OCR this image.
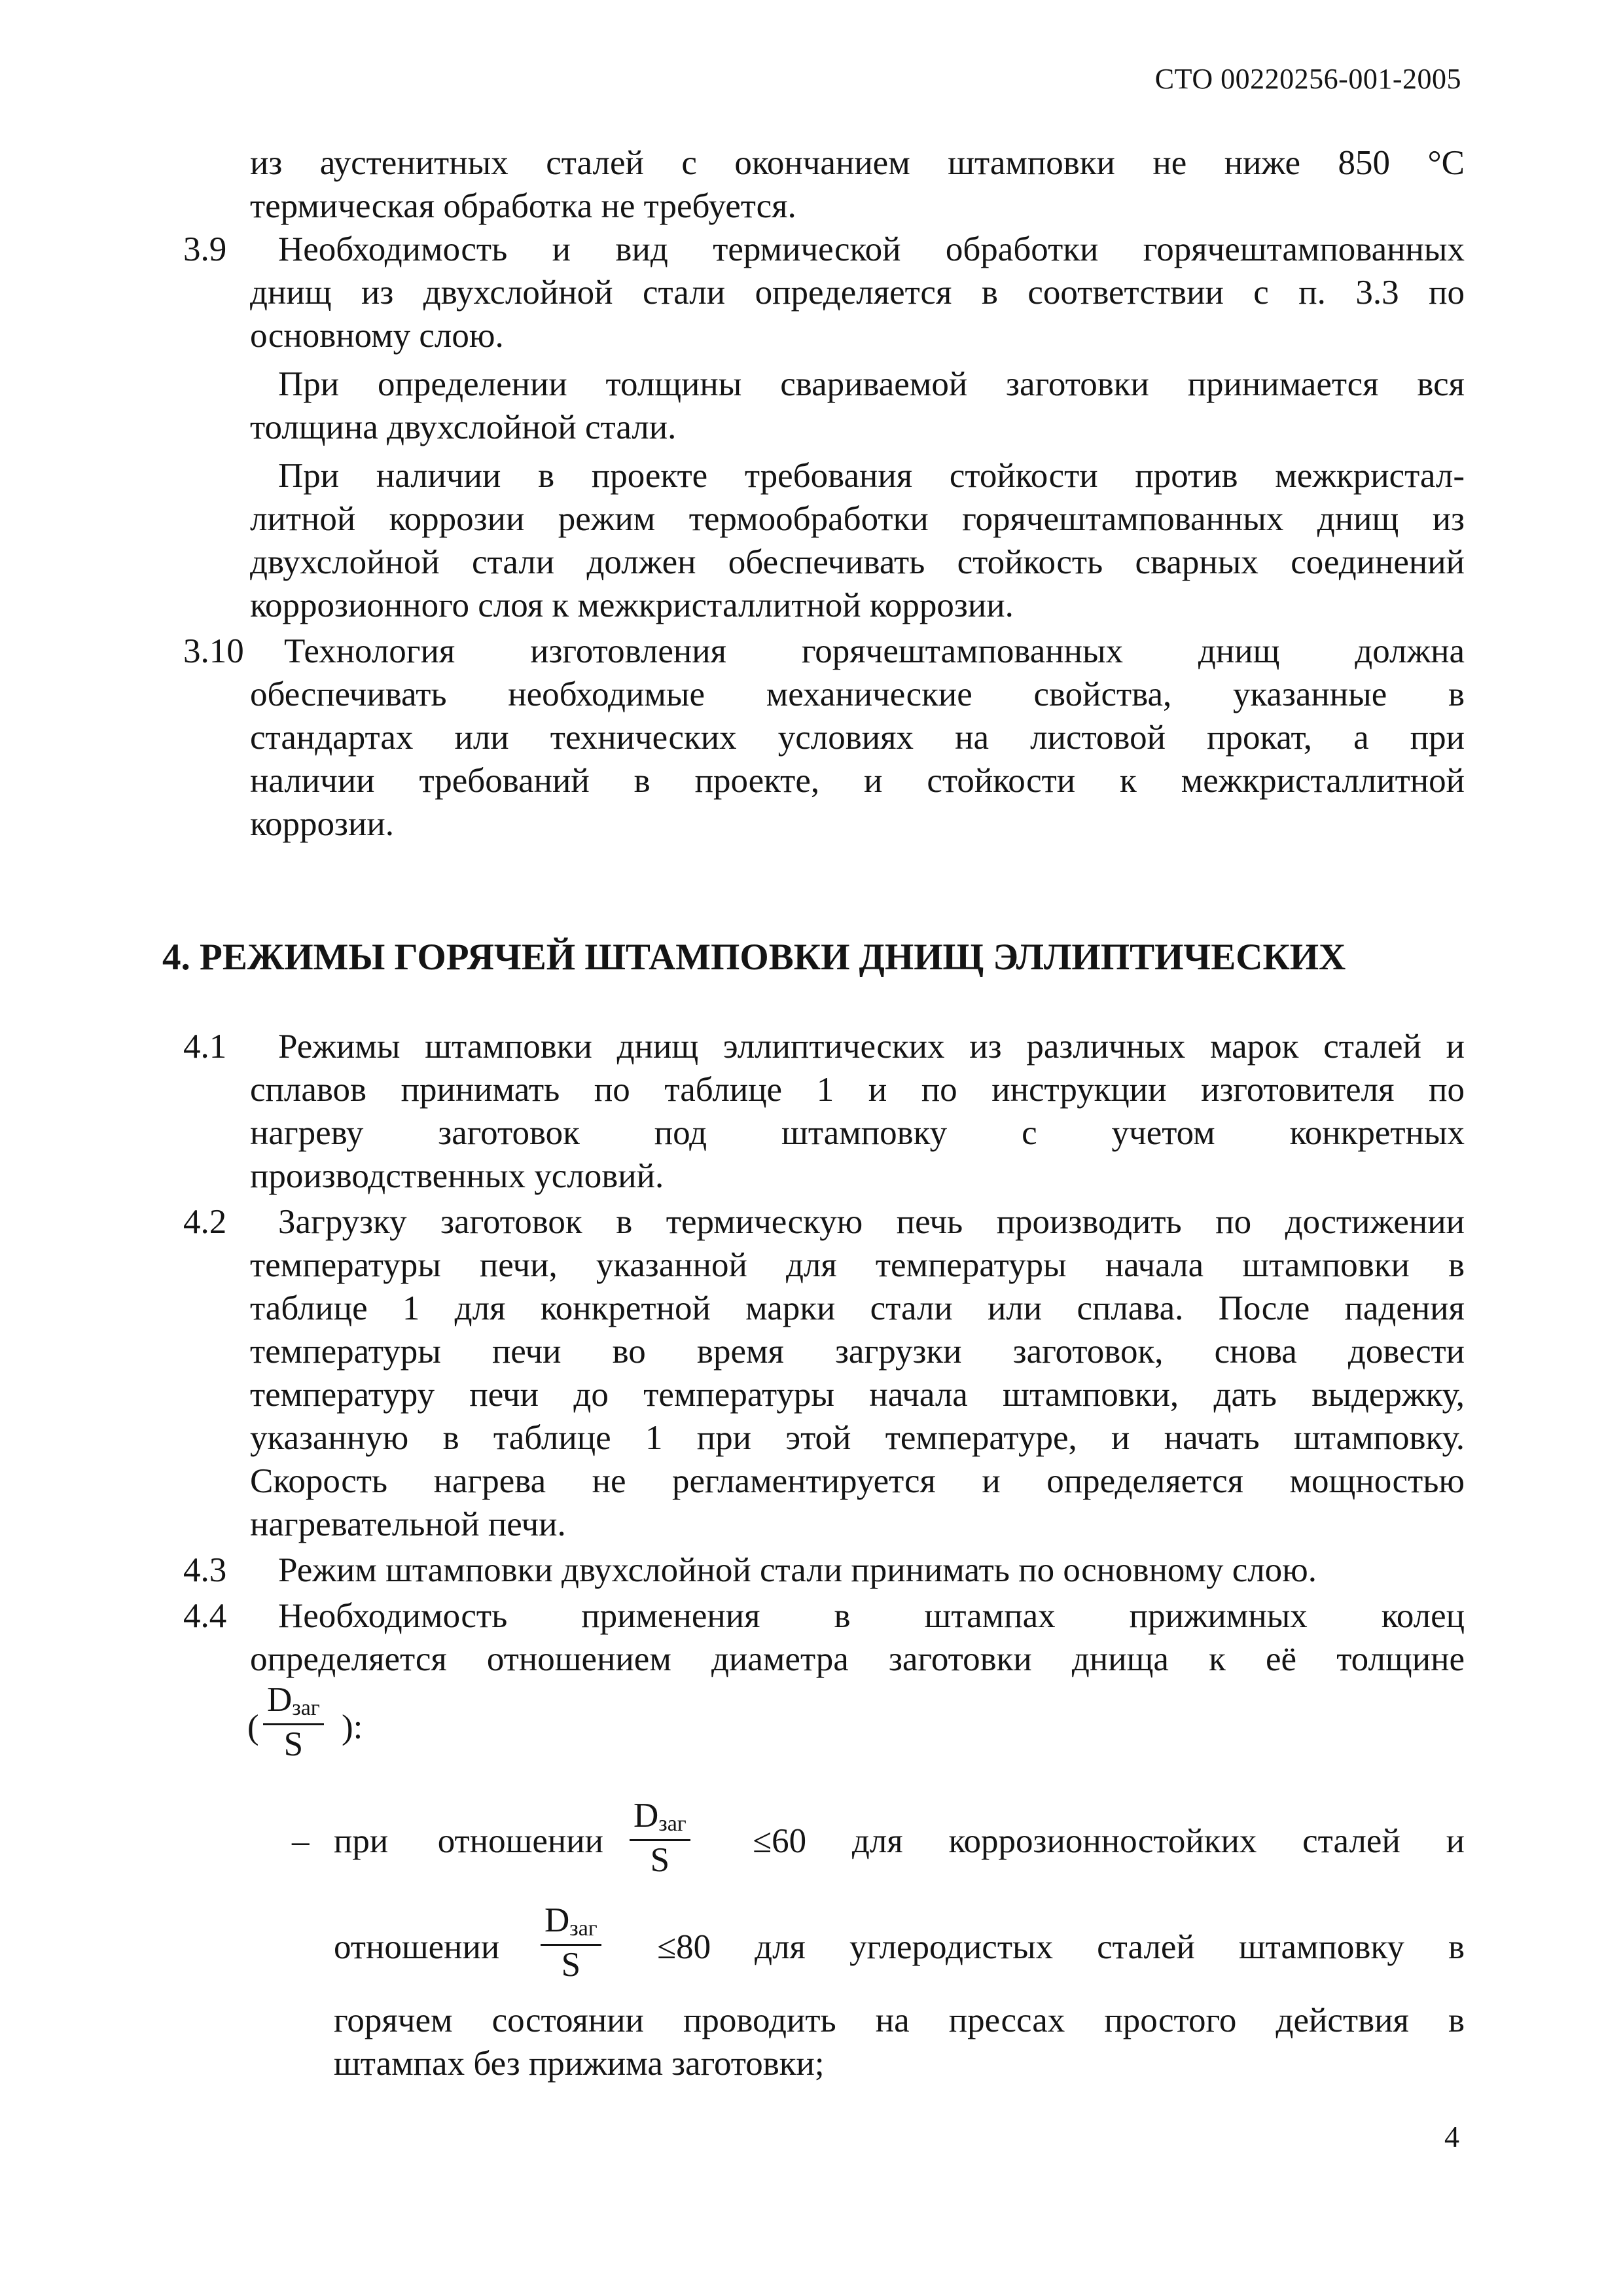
СТО 00220256-001-2005
из аустенитных сталей с окончанием штамповки не ниже 850 °С
термическая обработка не требуется.
3.9 Необходимость и вид термической обработки горячештампованных
днищ из двухслойной стали определяется в соответствии с п. 3.3 по
основному слою.
При определении толщины свариваемой заготовки принимается вся
толщина двухслойной стали.
При наличии в проекте требования стойкости против межкристал-
литной коррозии режим термообработки горячештампованных днищ из
двухслойной стали должен обеспечивать стойкость сварных соединений
коррозионного слоя к межкристаллитной коррозии.
3.10 Технология изготовления горячештампованных днищ должна
обеспечивать необходимые механические свойства, указанные в
стандартах или технических условиях на листовой прокат, а при
наличии требований в проекте, и стойкости к межкристаллитной
коррозии.
4. РЕЖИМЫ ГОРЯЧЕЙ ШТАМПОВКИ ДНИЩ ЭЛЛИПТИЧЕСКИХ
4.1 Режимы штамповки днищ эллиптических из различных марок сталей и
сплавов принимать по таблице 1 и по инструкции изготовителя по
нагреву заготовок под штамповку с учетом конкретных
производственных условий.
4.2 Загрузку заготовок в термическую печь производить по достижении
температуры печи, указанной для температуры начала штамповки в
таблице 1 для конкретной марки стали или сплава. После падения
температуры печи во время загрузки заготовок, снова довести
температуру печи до температуры начала штамповки, дать выдержку,
указанную в таблице 1 при этой температуре, и начать штамповку.
Скорость нагрева не регламентируется и определяется мощностью
нагревательной печи.
4.3 Режим штамповки двухслойной стали принимать по основному слою.
4.4 Необходимость применения в штампах прижимных колец
определяется отношением диаметра заготовки днища к её толщине
(
$D_{заг}$
S ):
– при отношении
$D_{заг}$
S ≤60 для коррозионностойких сталей и
отношении
$D_{заг}$
S ≤80 для углеродистых сталей штамповку в
горячем состоянии проводить на прессах простого действия в
штампах без прижима заготовки;
4
